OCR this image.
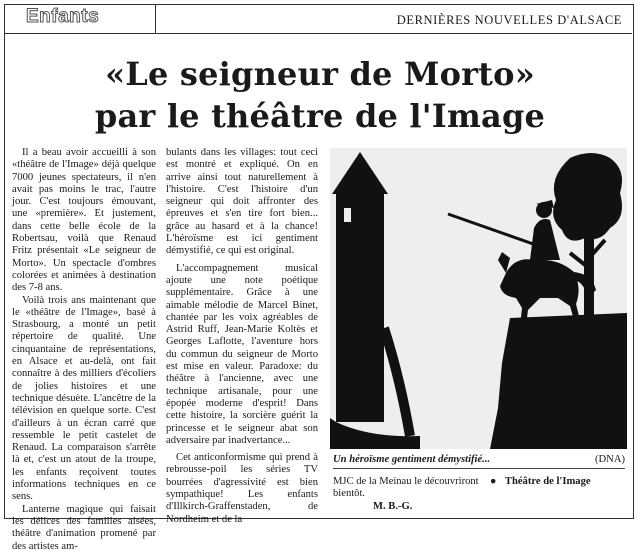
Enfants	DERNIÈRES NOUVELLES D'ALSACE
«Le seigneur de Morto»
par le théâtre de l'Image

Il a beau avoir accueilli à son «théâtre de l'Image» déjà quelque 7000 jeunes spectateurs, il n'en avait pas moins le trac, l'autre jour. C'est toujours émouvant, une «première». Et justement, dans cette belle école de la Robertsau, voilà que Renaud Fritz présentait «Le seigneur de Morto». Un spectacle d'ombres colorées et animées à destination des 7-8 ans.

Voilà trois ans maintenant que le «théâtre de l'Image», basé à Strasbourg, a monté un petit répertoire de qualité. Une cinquantaine de représentations, en Alsace et au-delà, ont fait connaître à des milliers d'écoliers de jolies histoires et une technique désuète. L'ancêtre de la télévision en quelque sorte. C'est d'ailleurs à un écran carré que ressemble le petit castelet de Renaud. La comparaison s'arrête là et, c'est un atout de la troupe, les enfants reçoivent toutes informations techniques en ce sens.

Lanterne magique qui faisait les délices des familles aisées, théâtre d'animation promené par des artistes am-

bulants dans les villages: tout ceci est montré et expliqué. On en arrive ainsi tout naturellement à l'histoire. C'est l'histoire d'un seigneur qui doit affronter des épreuves et s'en tire fort bien... grâce au hasard et à la chance! L'héroïsme est ici gentiment démystifié, ce qui est original.

L'accompagnement musical ajoute une note poétique supplémentaire. Grâce à une aimable mélodie de Marcel Binet, chantée par les voix agréables de Astrid Ruff, Jean-Marie Koltès et Georges Laflotte, l'aventure hors du commun du seigneur de Morto est mise en valeur. Paradoxe: du théâtre à l'ancienne, avec une technique artisanale, pour une épopée moderne d'esprit! Dans cette histoire, la sorcière guérit la princesse et le seigneur abat son adversaire par inadvertance...

Cet anticonformisme qui prend à rebrousse-poil les séries TV bourrées d'agressivité est bien sympathique! Les enfants d'Illkirch-Graffenstaden, de Nordheim et de la

Un héroïsme gentiment démystifié...	(DNA)
MJC de la Meinau le découvriront bientôt.
M. B.-G.
● Théâtre de l'Image
